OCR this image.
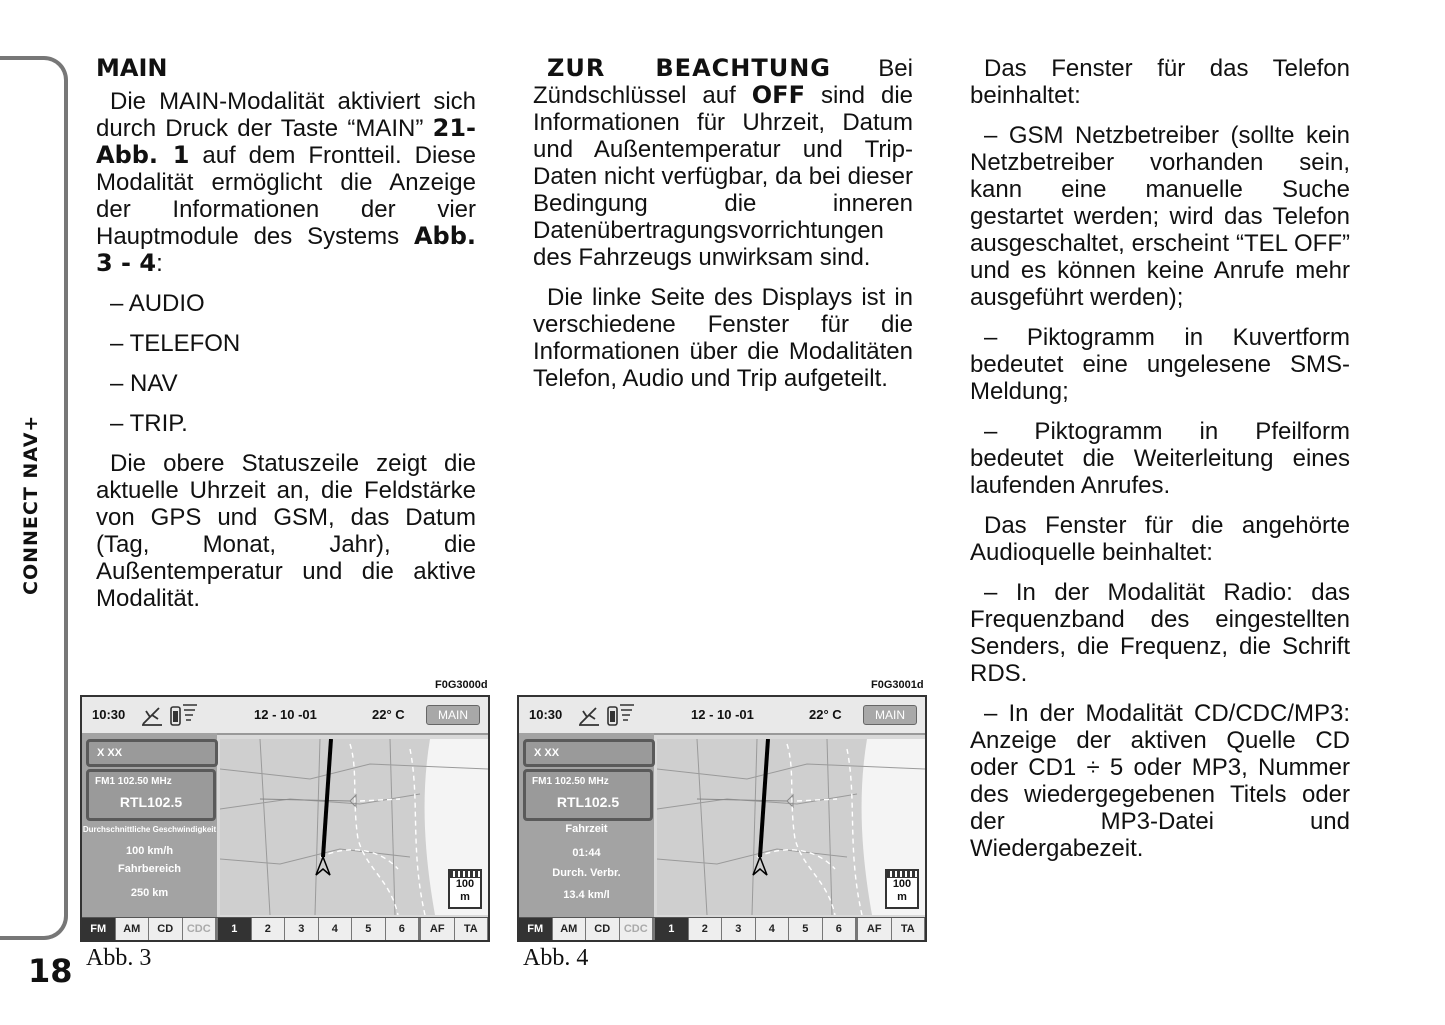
CONNECT NAV+
18

MAIN

Die MAIN-Modalität aktiviert sich durch Druck der Taste “MAIN” 21- Abb. 1 auf dem Frontteil. Diese Modalität ermöglicht die Anzeige der Informationen der vier Hauptmodule des Systems Abb. 3 - 4:

– AUDIO

– TELEFON

– NAV

– TRIP.

Die obere Statuszeile zeigt die aktuelle Uhrzeit an, die Feldstärke von GPS und GSM, das Datum (Tag, Monat, Jahr), die Außentemperatur und die aktive Modalität.

ZUR BEACHTUNG Bei Zündschlüssel auf OFF sind die Informationen für Uhrzeit, Datum und Außentemperatur und Trip-Daten nicht verfügbar, da bei dieser Bedingung die inneren Datenübertragungsvorrichtungen des Fahrzeugs unwirksam sind.

Die linke Seite des Displays ist in verschiedene Fenster für die Informationen über die Modalitäten Telefon, Audio und Trip aufgeteilt.

Das Fenster für das Telefon beinhaltet:

– GSM Netzbetreiber (sollte kein Netzbetreiber vorhanden sein, kann eine manuelle Suche gestartet werden; wird das Telefon ausgeschaltet, erscheint “TEL OFF” und es können keine Anrufe mehr ausgeführt werden);

– Piktogramm in Kuvertform bedeutet eine ungelesene SMS-Meldung;

– Piktogramm in Pfeilform bedeutet die Weiterleitung eines laufenden Anrufes.

Das Fenster für die angehörte Audioquelle beinhaltet:

– In der Modalität Radio: das Frequenzband des eingestellten Senders, die Frequenz, die Schrift RDS.

– In der Modalität CD/CDC/MP3: Anzeige der aktiven Quelle CD oder CD1 ÷ 5 oder MP3, Nummer des wiedergegebenen Titels oder der MP3-Datei und Wiedergabezeit.

F0G3000d
10:30	12 - 10 -01	22° C	MAIN
X XX
FM1 102.50 MHz
RTL102.5
Durchschnittliche Geschwindigkeit
100 km/h
Fahrbereich
250 km
100
m
FM	AM	CD	CDC	1	2	3	4	5	6	AF	TA
Abb. 3
F0G3001d
10:30	12 - 10 -01	22° C	MAIN
X XX
FM1 102.50 MHz
RTL102.5
Fahrzeit
01:44
Durch. Verbr.
13.4 km/l
100
m
FM	AM	CD	CDC	1	2	3	4	5	6	AF	TA
Abb. 4
